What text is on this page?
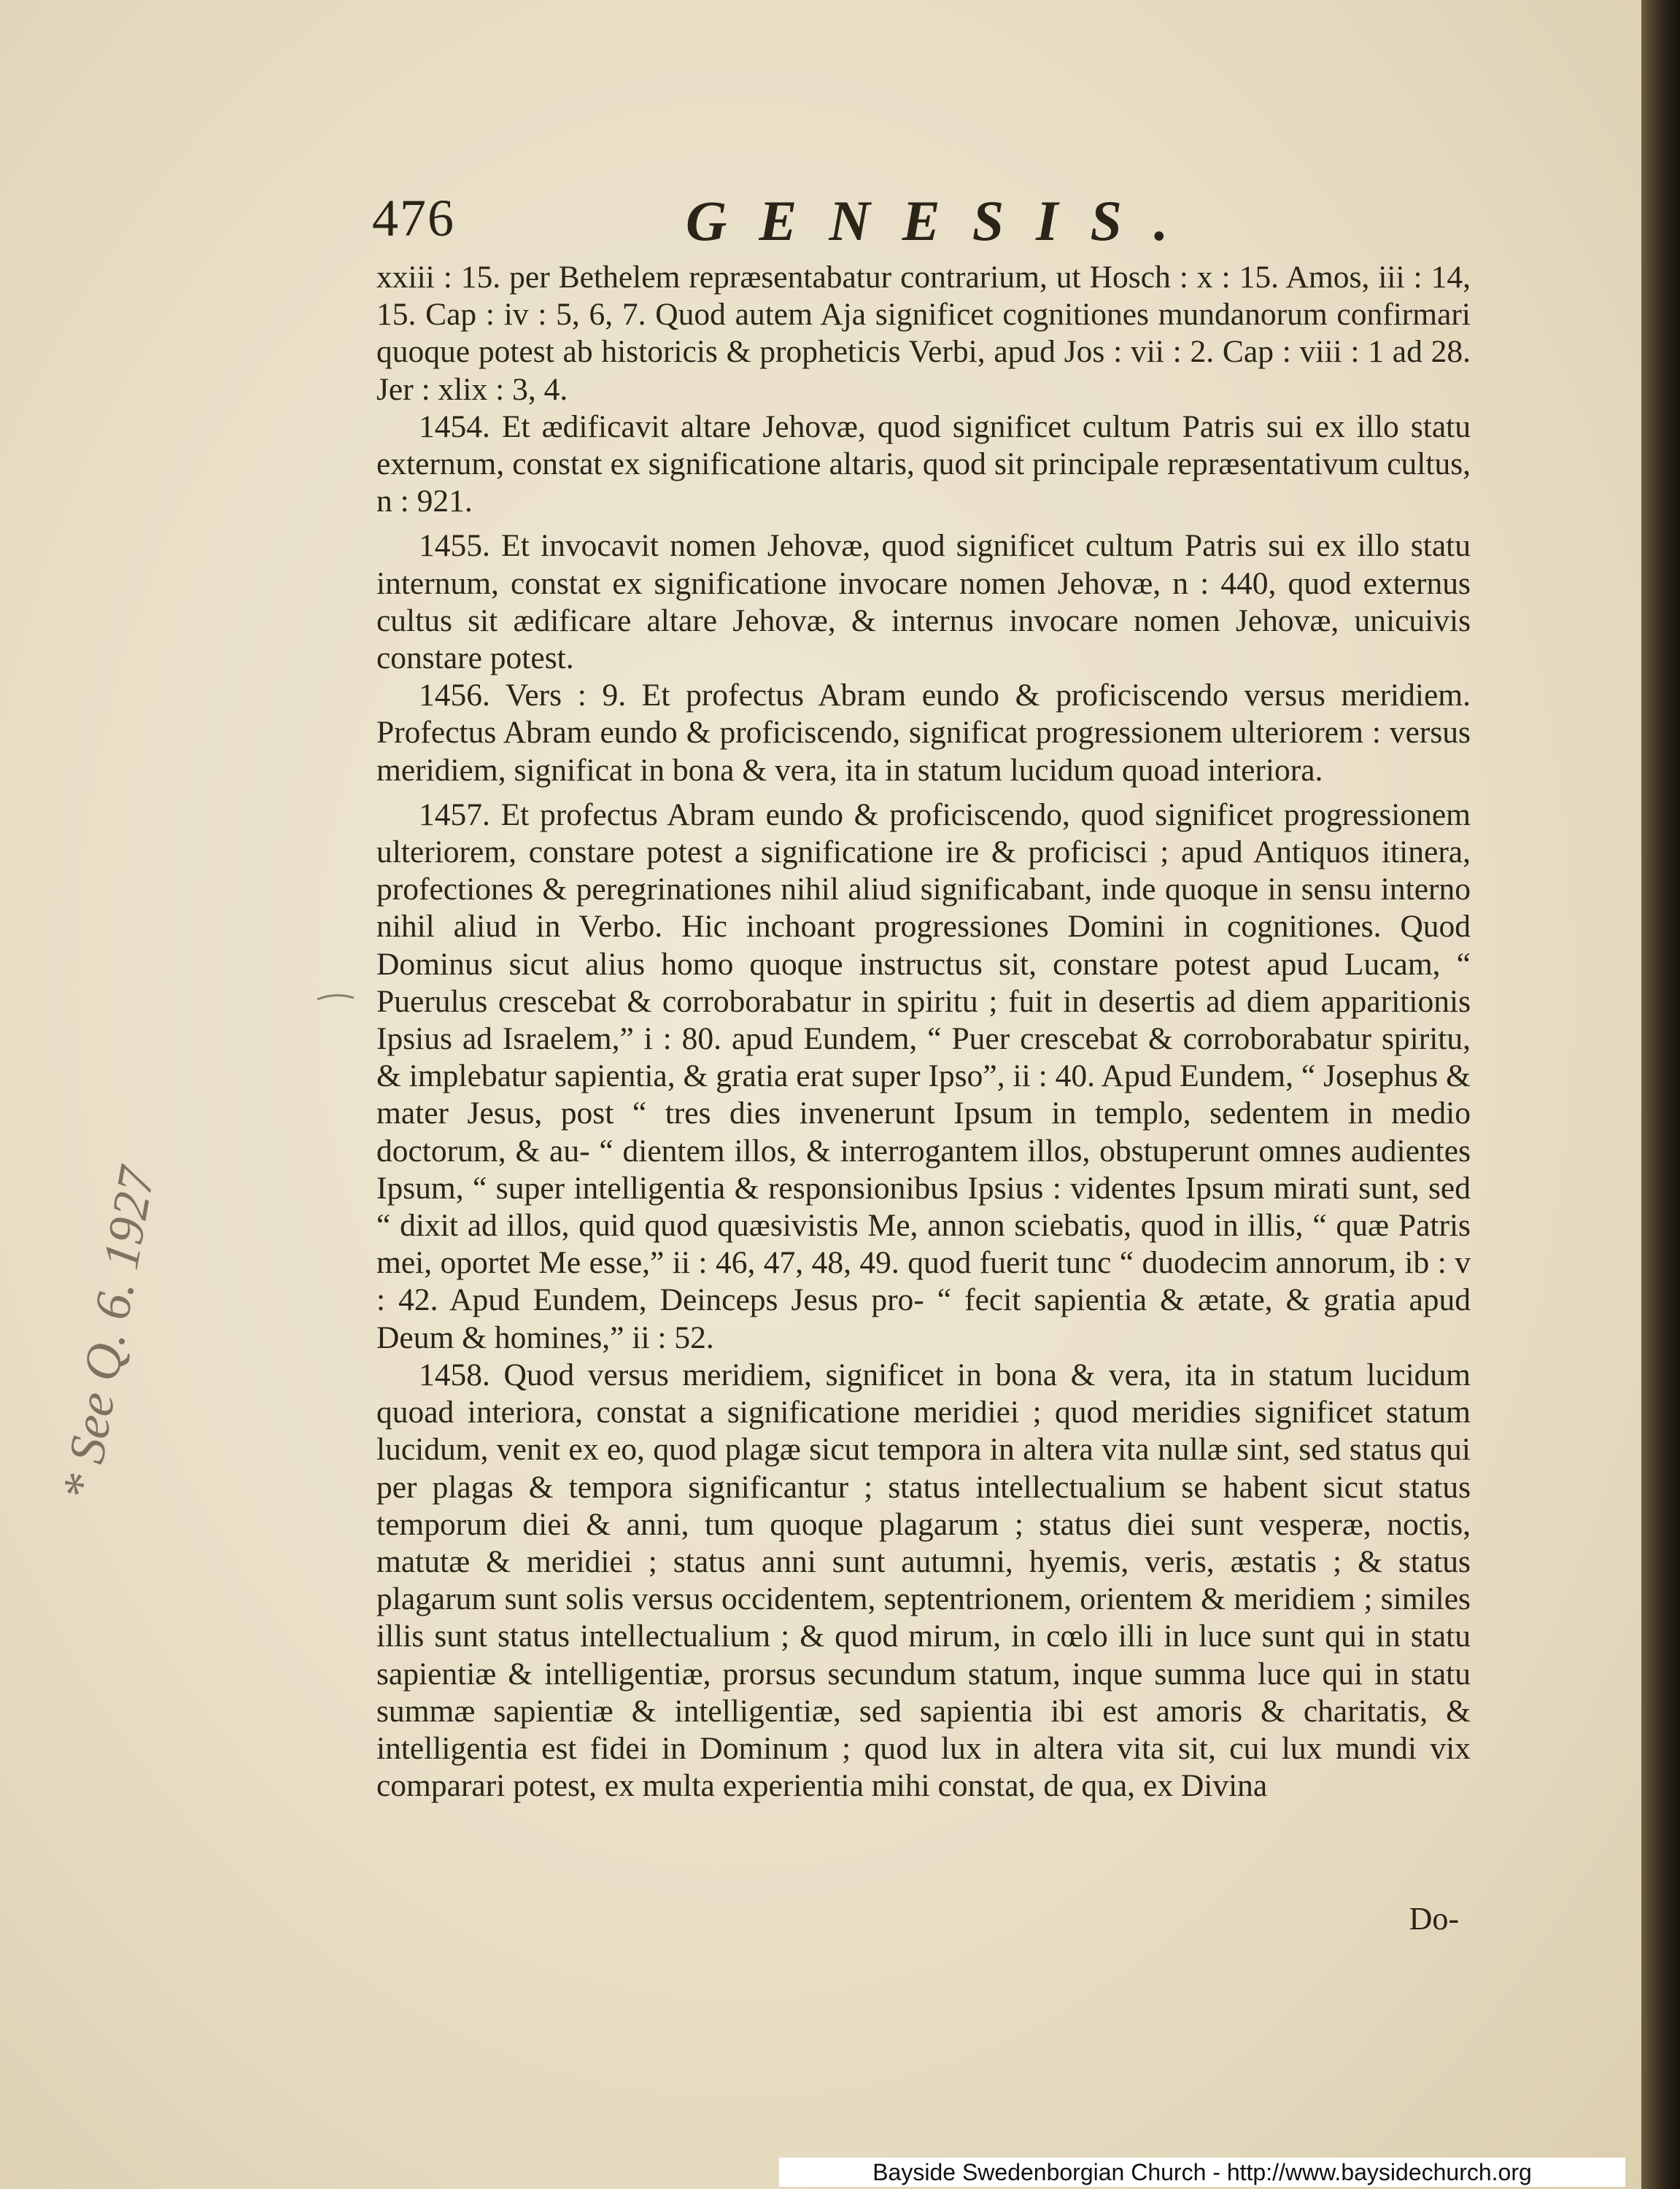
476	GENESIS.

xxiii : 15. per Bethelem repræsentabatur contrarium, ut Hosch : x : 15. Amos, iii : 14, 15. Cap : iv : 5, 6, 7. Quod autem Aja significet cognitiones mundanorum confirmari quoque potest ab historicis & propheticis Verbi, apud Jos : vii : 2. Cap : viii : 1 ad 28. Jer : xlix : 3, 4.

1454. Et ædificavit altare Jehovæ, quod significet cultum Patris sui ex illo statu externum, constat ex significatione altaris, quod sit principale repræsentativum cultus, n : 921.

1455. Et invocavit nomen Jehovæ, quod significet cultum Patris sui ex illo statu internum, constat ex significatione invocare nomen Jehovæ, n : 440, quod externus cultus sit ædificare altare Jehovæ, & internus invocare nomen Jehovæ, unicuivis constare potest.

1456. Vers : 9. Et profectus Abram eundo & proficiscendo versus meridiem. Profectus Abram eundo & proficiscendo, significat progressionem ulteriorem : versus meridiem, significat in bona & vera, ita in statum lucidum quoad interiora.

1457. Et profectus Abram eundo & proficiscendo, quod significet progressionem ulteriorem, constare potest a significatione ire & proficisci ; apud Antiquos itinera, profectiones & peregrinationes nihil aliud significabant, inde quoque in sensu interno nihil aliud in Verbo. Hic inchoant progressiones Domini in cognitiones. Quod Dominus sicut alius homo quoque instructus sit, constare potest apud Lucam, “ Puerulus crescebat & corroborabatur in spiritu ; fuit in desertis ad diem apparitionis Ipsius ad Israelem,” i : 80. apud Eundem, “ Puer crescebat & corroborabatur spiritu, & implebatur sapientia, & gratia erat super Ipso”, ii : 40. Apud Eundem, “ Josephus & mater Jesus, post “ tres dies invenerunt Ipsum in templo, sedentem in medio doctorum, & au- “ dientem illos, & interrogantem illos, obstuperunt omnes audientes Ipsum, “ super intelligentia & responsionibus Ipsius : videntes Ipsum mirati sunt, sed “ dixit ad illos, quid quod quæsivistis Me, annon sciebatis, quod in illis, “ quæ Patris mei, oportet Me esse,” ii : 46, 47, 48, 49. quod fuerit tunc “ duodecim annorum, ib : v : 42. Apud Eundem, Deinceps Jesus pro- “ fecit sapientia & ætate, & gratia apud Deum & homines,” ii : 52.

1458. Quod versus meridiem, significet in bona & vera, ita in statum lucidum quoad interiora, constat a significatione meridiei ; quod meridies significet statum lucidum, venit ex eo, quod plagæ sicut tempora in altera vita nullæ sint, sed status qui per plagas & tempora significantur ; status intellectualium se habent sicut status temporum diei & anni, tum quoque plagarum ; status diei sunt vesperæ, noctis, matutæ & meridiei ; status anni sunt autumni, hyemis, veris, æstatis ; & status plagarum sunt solis versus occidentem, septentrionem, orientem & meridiem ; similes illis sunt status intellectualium ; & quod mirum, in cœlo illi in luce sunt qui in statu sapientiæ & intelligentiæ, prorsus secundum statum, inque summa luce qui in statu summæ sapientiæ & intelligentiæ, sed sapientia ibi est amoris & charitatis, & intelligentia est fidei in Dominum ; quod lux in altera vita sit, cui lux mundi vix comparari potest, ex multa experientia mihi constat, de qua, ex Divina

Do-
* See Q. 6. 1927
Bayside Swedenborgian Church - http://www.baysidechurch.org
